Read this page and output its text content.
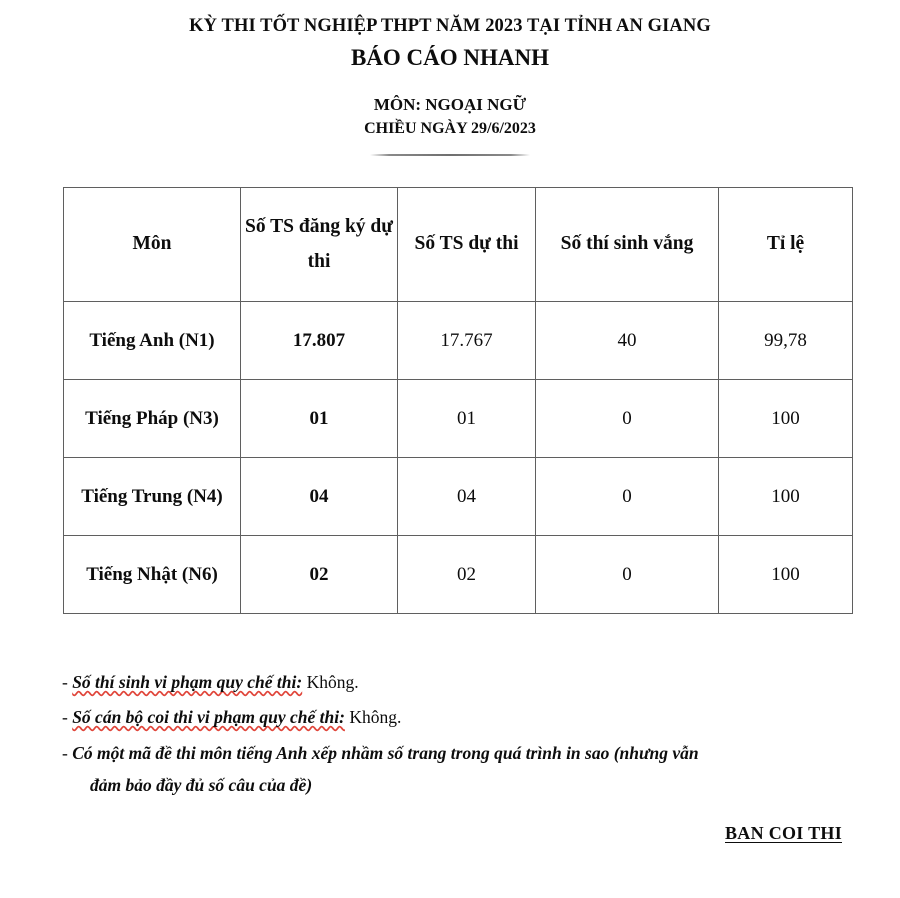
KỲ THI TỐT NGHIỆP THPT NĂM 2023 TẠI TỈNH AN GIANG
BÁO CÁO NHANH
MÔN: NGOẠI NGỮ
CHIỀU NGÀY 29/6/2023
Môn	Số TS đăng ký dự thi	Số TS dự thi	Số thí sinh vắng	Tỉ lệ
Tiếng Anh (N1)	17.807	17.767	40	99,78
Tiếng Pháp (N3)	01	01	0	100
Tiếng Trung (N4)	04	04	0	100
Tiếng Nhật (N6)	02	02	0	100
- Số thí sinh vi phạm quy chế thi: Không.
- Số cán bộ coi thi vi phạm quy chế thi: Không.
- Có một mã đề thi môn tiếng Anh xếp nhầm số trang trong quá trình in sao (nhưng vẫn
đảm bảo đầy đủ số câu của đề)
BAN COI THI
